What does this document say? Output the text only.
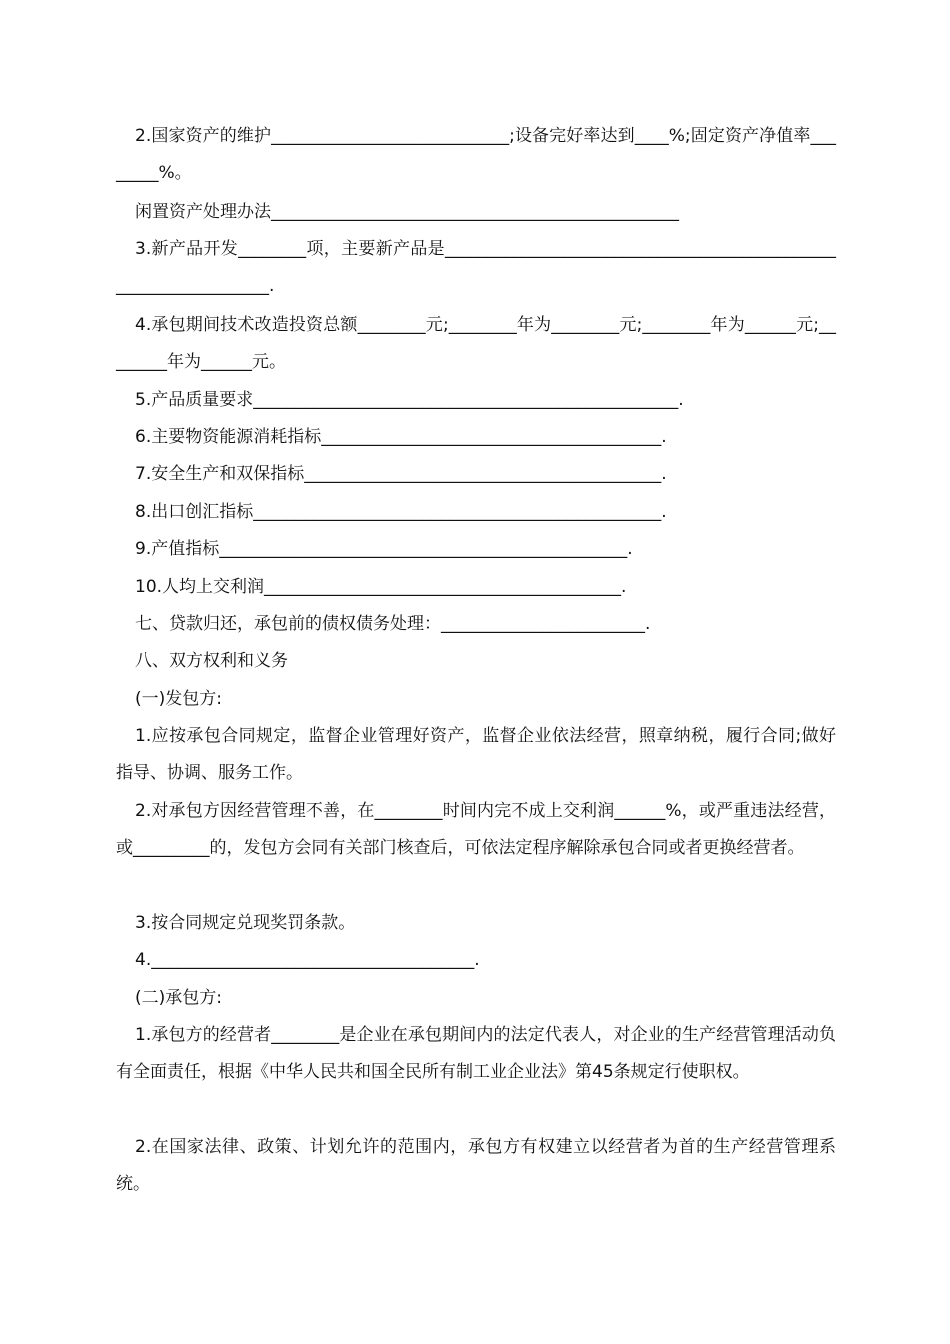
2.国家资产的维护____________________________;设备完好率达到____%;固定资产净值率________%。

闲置资产处理办法________________________________________________

3.新产品开发________项，主要新产品是________________________________________________________________.

4.承包期间技术改造投资总额________元;________年为________元;________年为______元;________年为______元。

5.产品质量要求__________________________________________________.

6.主要物资能源消耗指标________________________________________.

7.安全生产和双保指标__________________________________________.

8.出口创汇指标________________________________________________.

9.产值指标________________________________________________.

10.人均上交利润__________________________________________.

七、贷款归还，承包前的债权债务处理：________________________.

八、双方权利和义务

(一)发包方:

1.应按承包合同规定，监督企业管理好资产，监督企业依法经营，照章纳税，履行合同;做好指导、协调、服务工作。

2.对承包方因经营管理不善，在________时间内完不成上交利润______%，或严重违法经营，或_________的，发包方会同有关部门核查后，可依法定程序解除承包合同或者更换经营者。

3.按合同规定兑现奖罚条款。

4.______________________________________.

(二)承包方:

1.承包方的经营者________是企业在承包期间内的法定代表人，对企业的生产经营管理活动负有全面责任，根据《中华人民共和国全民所有制工业企业法》第45条规定行使职权。

2.在国家法律、政策、计划允许的范围内，承包方有权建立以经营者为首的生产经营管理系统。
